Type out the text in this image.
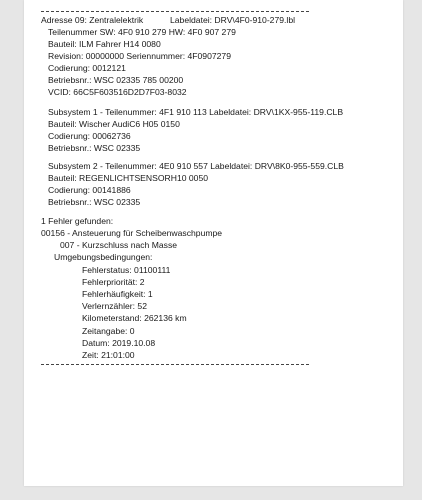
Adresse 09: Zentralelektrik	Labeldatei: DRV\4F0-910-279.lbl
Teilenummer SW: 4F0 910 279 HW: 4F0 907 279
Bauteil: ILM Fahrer H14 0080
Revision: 00000000 Seriennummer: 4F0907279
Codierung: 0012121
Betriebsnr.: WSC 02335 785 00200
VCID: 66C5F603516D2D7F03-8032
Subsystem 1 - Teilenummer: 4F1 910 113 Labeldatei: DRV\1KX-955-119.CLB
Bauteil: Wischer AudiC6 H05 0150
Codierung: 00062736
Betriebsnr.: WSC 02335
Subsystem 2 - Teilenummer: 4E0 910 557 Labeldatei: DRV\8K0-955-559.CLB
Bauteil: REGENLICHTSENSORH10 0050
Codierung: 00141886
Betriebsnr.: WSC 02335
1 Fehler gefunden:
00156 - Ansteuerung für Scheibenwaschpumpe
007 - Kurzschluss nach Masse
Umgebungsbedingungen:
Fehlerstatus: 01100111
Fehlerpriorität: 2
Fehlerhäufigkeit: 1
Verlernzähler: 52
Kilometerstand: 262136 km
Zeitangabe: 0
Datum: 2019.10.08
Zeit: 21:01:00
